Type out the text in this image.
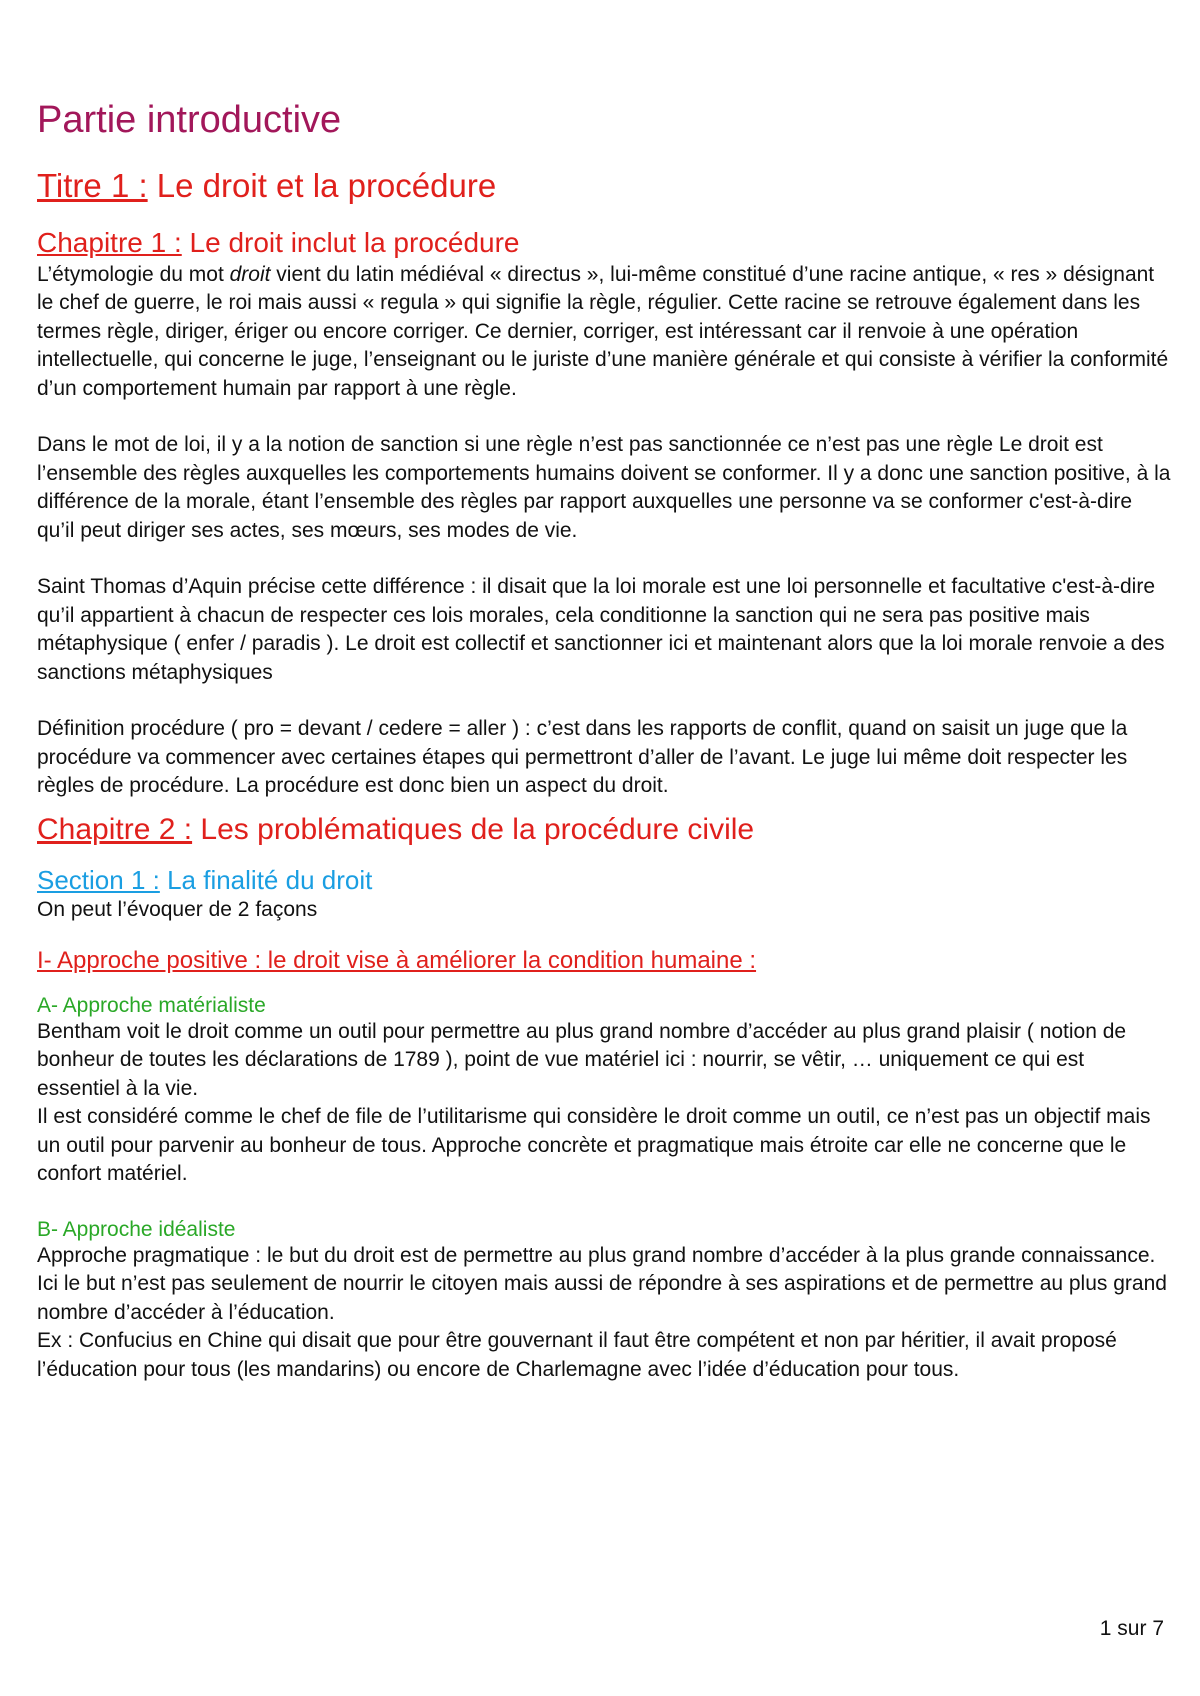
Partie introductive
Titre 1 : Le droit et la procédure
Chapitre 1 : Le droit inclut la procédure

L’étymologie du mot droit vient du latin médiéval « directus », lui-même constitué d’une racine antique, « res » désignant le chef de guerre, le roi mais aussi « regula » qui signifie la règle, régulier. Cette racine se retrouve également dans les termes règle, diriger, ériger ou encore corriger. Ce dernier, corriger, est intéressant car il renvoie à une opération intellectuelle, qui concerne le juge, l’enseignant ou le juriste d’une manière générale et qui consiste à vérifier la conformité d’un comportement humain par rapport à une règle.

Dans le mot de loi, il y a la notion de sanction si une règle n’est pas sanctionnée ce n’est pas une règle Le droit est l’ensemble des règles auxquelles les comportements humains doivent se conformer. Il y a donc une sanction positive, à la différence de la morale, étant l’ensemble des règles par rapport auxquelles une personne va se conformer c'est-à-dire qu’il peut diriger ses actes, ses mœurs, ses modes de vie.

Saint Thomas d’Aquin précise cette différence : il disait que la loi morale est une loi personnelle et facultative c'est-à-dire qu’il appartient à chacun de respecter ces lois morales, cela conditionne la sanction qui ne sera pas positive mais métaphysique ( enfer / paradis ). Le droit est collectif et sanctionner ici et maintenant alors que la loi morale renvoie a des sanctions métaphysiques

Définition procédure ( pro = devant / cedere = aller ) : c’est dans les rapports de conflit, quand on saisit un juge que la procédure va commencer avec certaines étapes qui permettront d’aller de l’avant. Le juge lui même doit respecter les règles de procédure. La procédure est donc bien un aspect du droit.

Chapitre 2 : Les problématiques de la procédure civile
Section 1 : La finalité du droit

On peut l’évoquer de 2 façons

I- Approche positive : le droit vise à améliorer la condition humaine :
A- Approche matérialiste

Bentham voit le droit comme un outil pour permettre au plus grand nombre d’accéder au plus grand plaisir ( notion de bonheur de toutes les déclarations de 1789 ), point de vue matériel ici : nourrir, se vêtir, … uniquement ce qui est essentiel à la vie.

Il est considéré comme le chef de file de l’utilitarisme qui considère le droit comme un outil, ce n’est pas un objectif mais un outil pour parvenir au bonheur de tous. Approche concrète et pragmatique mais étroite car elle ne concerne que le confort matériel.

B- Approche idéaliste

Approche pragmatique : le but du droit est de permettre au plus grand nombre d’accéder à la plus grande connaissance. Ici le but n’est pas seulement de nourrir le citoyen mais aussi de répondre à ses aspirations et de permettre au plus grand nombre d’accéder à l’éducation.

Ex : Confucius en Chine qui disait que pour être gouvernant il faut être compétent et non par héritier, il avait proposé l’éducation pour tous (les mandarins) ou encore de Charlemagne avec l’idée d’éducation pour tous.

1 sur 7
